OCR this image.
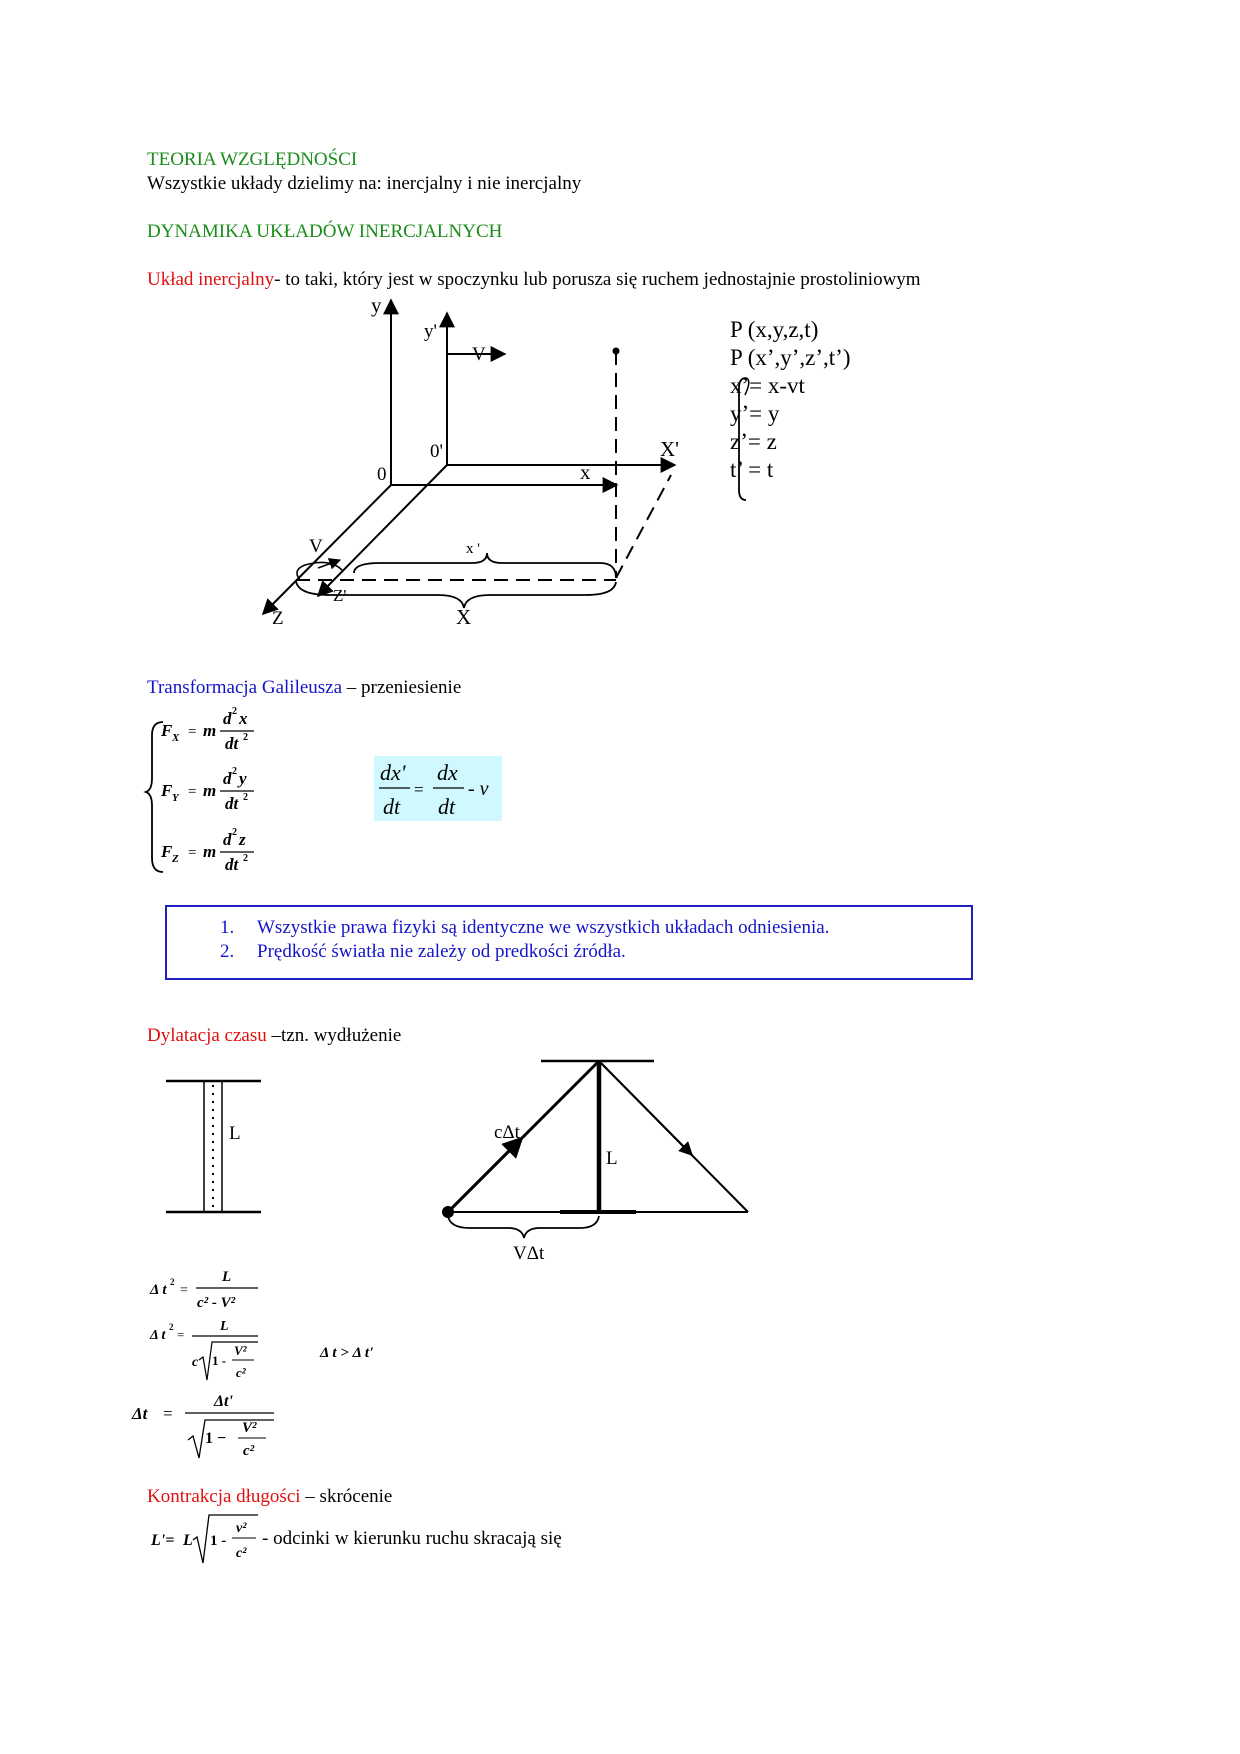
TEORIA WZGLĘDNOŚCI
Wszystkie układy dzielimy na: inercjalny i nie inercjalny
DYNAMIKA UKŁADÓW INERCJALNYCH
Układ inercjalny- to taki, który jest w spoczynku lub porusza się ruchem jednostajnie prostoliniowym
y
y'
V
0
0'
x
X'
V	x '
X
Z
Z'
P (x,y,z,t)
P (x’,y’,z’,t’)
x’= x-vt
y’= y
z’= z
t’ = t
Transformacja Galileusza – przeniesienie
F X = m
d 2 x
dt 2
F Y = m
d 2 y
dt 2
F Z = m
d 2 z
dt 2
dx'
dt
=
dx
dt
- v
1. Wszystkie prawa fizyki są identyczne we wszystkich układach odniesienia.
2. Prędkość światła nie zależy od predkości źródła.
Dylatacja czasu –tzn. wydłużenie
L	cΔt
L
VΔt
Δ t 2
=
L
c² - V²
Δ t
2 =
L
c 1 -
V²
c²
Δ t > Δ t'
Δt =
Δt'
1 −
V²
c²
Kontrakcja długości – skrócenie
L'= L 1 -
v²
c²
- odcinki w kierunku ruchu skracają się
